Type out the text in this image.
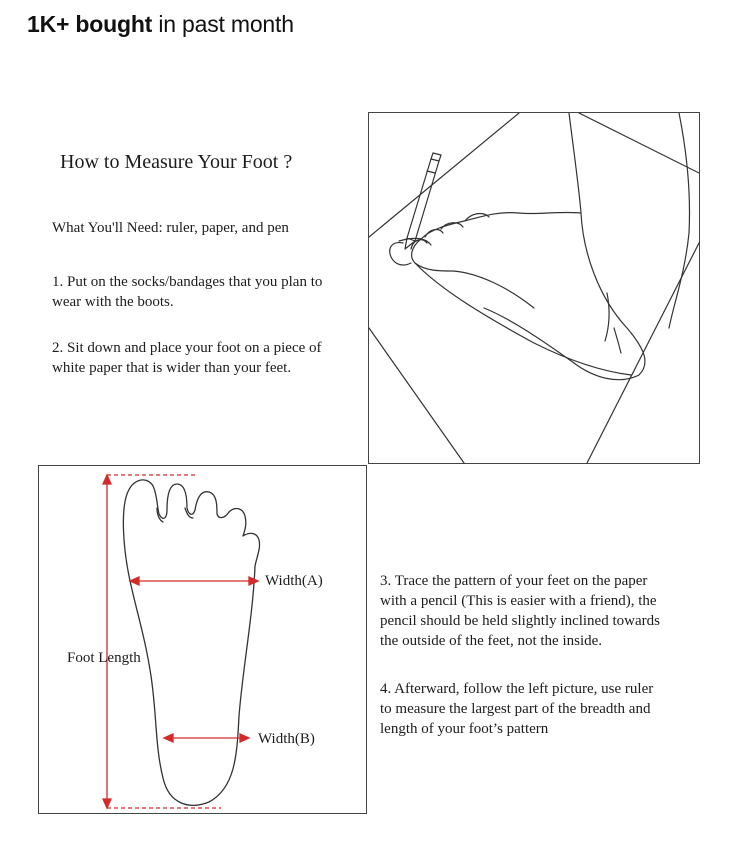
1K+ bought in past month
How to Measure Your Foot ?
What You'll Need: ruler, paper, and pen
1. Put on the socks/bandages that you plan to
wear with the boots.
2. Sit down and place your foot on a piece of
white paper that is wider than your feet.
Foot Length
Width(A)
Width(B)
3. Trace the pattern of your feet on the paper
with a pencil (This is easier with a friend), the
pencil should be held slightly inclined towards
the outside of the feet, not the inside.
4. Afterward, follow the left picture, use ruler
to measure the largest part of the breadth and
length of your foot’s pattern
